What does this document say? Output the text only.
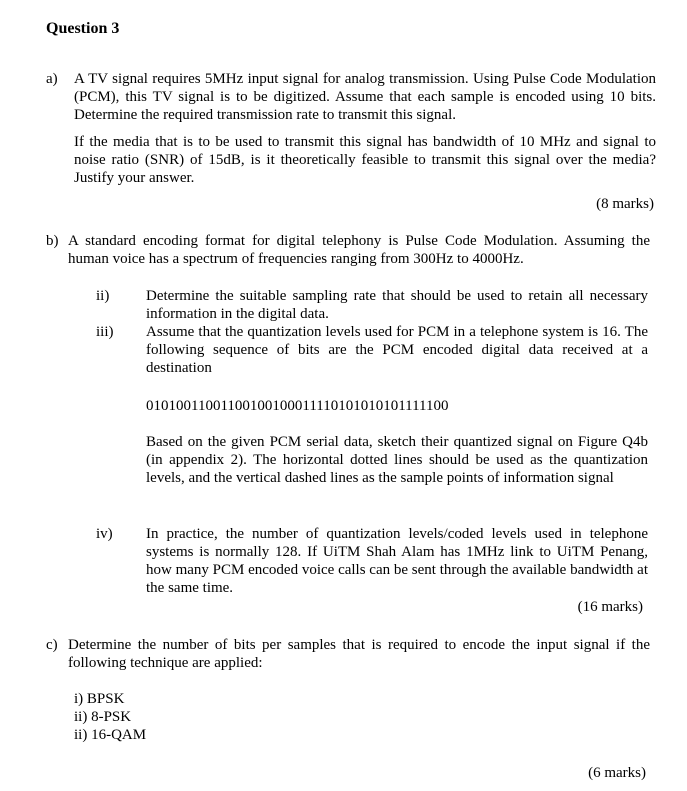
Question 3
a) A TV signal requires 5MHz input signal for analog transmission. Using Pulse Code Modulation (PCM), this TV signal is to be digitized. Assume that each sample is encoded using 10 bits. Determine the required transmission rate to transmit this signal.
If the media that is to be used to transmit this signal has bandwidth of 10 MHz and signal to noise ratio (SNR) of 15dB, is it theoretically feasible to transmit this signal over the media? Justify your answer.
(8 marks)
b) A standard encoding format for digital telephony is Pulse Code Modulation. Assuming the human voice has a spectrum of frequencies ranging from 300Hz to 4000Hz.
ii) Determine the suitable sampling rate that should be used to retain all necessary information in the digital data.
iii) Assume that the quantization levels used for PCM in a telephone system is 16. The following sequence of bits are the PCM encoded digital data received at a destination
01010011001100100100011110101010101111100
Based on the given PCM serial data, sketch their quantized signal on Figure Q4b (in appendix 2). The horizontal dotted lines should be used as the quantization levels, and the vertical dashed lines as the sample points of information signal
iv) In practice, the number of quantization levels/coded levels used in telephone systems is normally 128. If UiTM Shah Alam has 1MHz link to UiTM Penang, how many PCM encoded voice calls can be sent through the available bandwidth at the same time.
(16 marks)
c) Determine the number of bits per samples that is required to encode the input signal if the following technique are applied:
i) BPSK
ii) 8-PSK
ii) 16-QAM
(6 marks)
